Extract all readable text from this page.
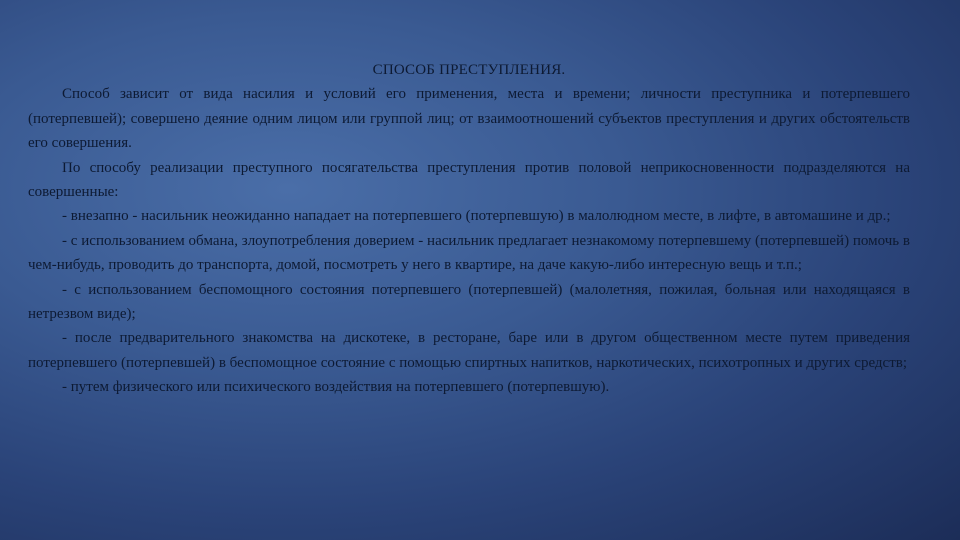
СПОСОБ ПРЕСТУПЛЕНИЯ.

Способ зависит от вида насилия и условий его применения, места и времени; личности преступника и потерпевшего (потерпевшей); совершено деяние одним лицом или группой лиц; от взаимоотношений субъектов преступления и других обстоятельств его совершения.

По способу реализации преступного посягательства преступления против половой неприкосновенности подразделяются на совершенные:

- внезапно - насильник неожиданно нападает на потерпевшего (потерпевшую) в малолюдном месте, в лифте, в автомашине и др.;

- с использованием обмана, злоупотребления доверием - насильник предлагает незнакомому потерпевшему (потерпевшей) помочь в чем-нибудь, проводить до транспорта, домой, посмотреть у него в квартире, на даче какую-либо интересную вещь и т.п.;

- с использованием беспомощного состояния потерпевшего (потерпевшей) (малолетняя, пожилая, больная или находящаяся в нетрезвом виде);

- после предварительного знакомства на дискотеке, в ресторане, баре или в другом общественном месте путем приведения потерпевшего (потерпевшей) в беспомощное состояние с помощью спиртных напитков, наркотических, психотропных и других средств;

- путем физического или психического воздействия на потерпевшего (потерпевшую).
